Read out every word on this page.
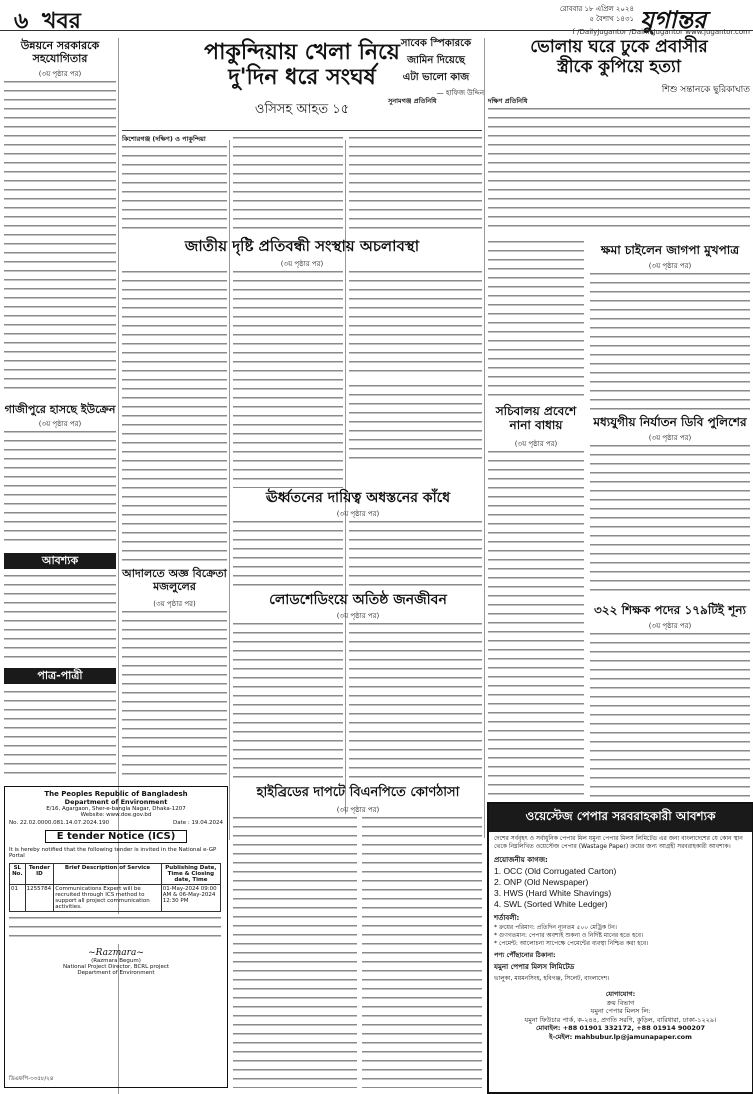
৬ খবর	রোববার ১৮ এপ্রিল ২০২৪
৫ বৈশাখ ১৪৩১ যুগান্তর
f /DailyJugantor /DainikJugantor www.jugantor.com
উন্নয়নে সরকারকে সহযোগিতার
(৩য় পৃষ্ঠার পর)
গাজীপুরে হাসছে ইউক্রেন
(৩য় পৃষ্ঠার পর)
আবশ্যক
পাত্র-পাত্রী
The Peoples Republic of Bangladesh
Department of Environment
E/16, Agargaon, Sher-e-bangla Nagar, Dhaka-1207
Website: www.doe.gov.bd
No. 22.02.0000.081.14.07.2024.190	Date : 19.04.2024
E tender Notice (ICS)
It is hereby notified that the following tender is invited in the National e-GP Portal
SL No.	Tender ID	Brief Description of Service	Publishing Date, Time & Closing date, Time
01	1255784	Communications Expert will be recruited through ICS method to support all project communication activities.	01-May-2024 09:00 AM & 06-May-2024 12:30 PM
~Razmara~
(Razmara Begum)
National Project Director, BCRL project
Department of Environment
ডিএফপি-৩৩৫৮/২৪
পাকুন্দিয়ায় খেলা নিয়ে
দু'দিন ধরে সংঘর্ষ
ওসিসহ আহত ১৫
কিশোরগঞ্জ (দক্ষিণ) ও পাকুন্দিয়া
জাতীয় দৃষ্টি প্রতিবন্ধী সংস্থায় অচলাবস্থা
(৩য় পৃষ্ঠার পর)
সাবেক স্পিকারকে
জামিন দিয়েছে
এটা ভালো কাজ
— হাফিজ উদ্দিন
ভোলায় ঘরে ঢুকে প্রবাসীর
স্ত্রীকে কুপিয়ে হত্যা
শিশু সন্তানকে ছুরিকাঘাত
দক্ষিণ প্রতিনিধি
সুনামগঞ্জ প্রতিনিধি
আদালতে অজ্ঞ বিক্রেতা মজলুলের
(৩য় পৃষ্ঠার পর)
ঊর্ধ্বতনের দায়িত্ব অধস্তনের কাঁধে
(৩য় পৃষ্ঠার পর)
সচিবালয় প্রবেশে নানা বাধায়
(৩য় পৃষ্ঠার পর)
ক্ষমা চাইলেন জাগপা মুখপাত্র
(৩য় পৃষ্ঠার পর)
মধ্যযুগীয় নির্যাতন ডিবি পুলিশের
(৩য় পৃষ্ঠার পর)
৩২২ শিক্ষক পদের ১৭৯টিই শূন্য
(৩য় পৃষ্ঠার পর)
লোডশেডিংয়ে অতিষ্ঠ জনজীবন
(৩য় পৃষ্ঠার পর)
হাইব্রিডের দাপটে বিএনপিতে কোণঠাসা
(৩য় পৃষ্ঠার পর)	ওয়েস্টেজ পেপার সরবরাহকারী আবশ্যক
দেশের সর্ববৃহৎ ও সর্বাধুনিক পেপার মিল যমুনা পেপার মিলস লিমিটেড এর জন্য বাংলাদেশের যে কোন স্থান থেকে নিম্নলিখিত ওয়েস্টেজ পেপার (Wastage Paper) ক্রয়ের জন্য আগ্রহী সরবরাহকারী আবশ্যক।
প্রয়োজনীয় কাগজ:
1. OCC (Old Corrugated Carton)
2. ONP (Old Newspaper)
3. HWS (Hard White Shavings)
4. SWL (Sorted White Ledger)
শর্তাবলী:
* ক্রয়ের পরিমাণ: প্রতিদিন ন্যূনতম ৫০০ মেট্রিক টন।
* গুণগতমান: পেপার অবশ্যই শুকনা ও নির্দিষ্ট মানের হতে হবে।
* পেমেন্ট: আলোচনা সাপেক্ষে পেমেন্টের ব্যবস্থা নিশ্চিত করা হবে।
পণ্য পৌঁছানোর ঠিকানা:
যমুনা পেপার মিলস লিমিটেড
ভালুকা, ময়মনসিংহ, হবিগঞ্জ, সিলেট, বাংলাদেশ।
যোগাযোগ:
ক্রয় বিভাগ
যমুনা পেপার মিলস লি:
যমুনা ফিউচার পার্ক, ক-২৪৪, প্রগতি সরণি, কুড়িল, বারিধারা, ঢাকা-১২২৯।
মোবাইল: +88 01901 332172, +88 01914 900207
ই-মেইল: mahbubur.lp@jamunapaper.com
